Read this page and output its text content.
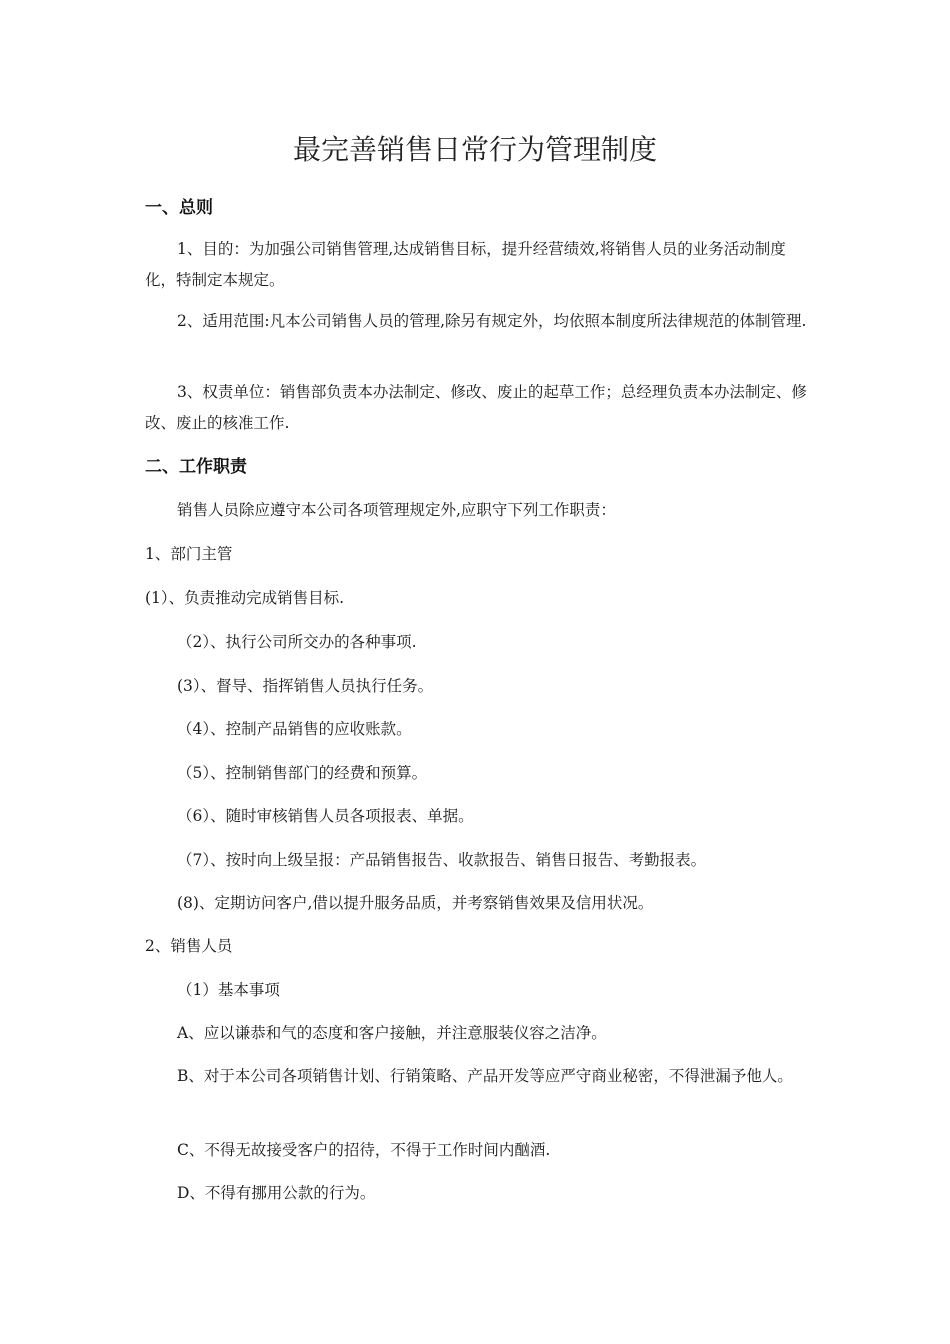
最完善销售日常行为管理制度
一、总则
1、目的：为加强公司销售管理,达成销售目标，提升经营绩效,将销售人员的业务活动制度化，特制定本规定。
2、适用范围:凡本公司销售人员的管理,除另有规定外，均依照本制度所法律规范的体制管理.
3、权责单位：销售部负责本办法制定、修改、废止的起草工作；总经理负责本办法制定、修改、废止的核准工作.
二、工作职责
销售人员除应遵守本公司各项管理规定外,应职守下列工作职责：
1、部门主管
(1）、负责推动完成销售目标.
（2）、执行公司所交办的各种事项.
(3）、督导、指挥销售人员执行任务。
（4）、控制产品销售的应收账款。
（5）、控制销售部门的经费和预算。
（6）、随时审核销售人员各项报表、单据。
（7）、按时向上级呈报：产品销售报告、收款报告、销售日报告、考勤报表。
(8)、定期访问客户,借以提升服务品质，并考察销售效果及信用状况。
2、销售人员
（1）基本事项
A、应以谦恭和气的态度和客户接触，并注意服装仪容之洁净。
B、对于本公司各项销售计划、行销策略、产品开发等应严守商业秘密，不得泄漏予他人。
C、不得无故接受客户的招待，不得于工作时间内酗酒.
D、不得有挪用公款的行为。
